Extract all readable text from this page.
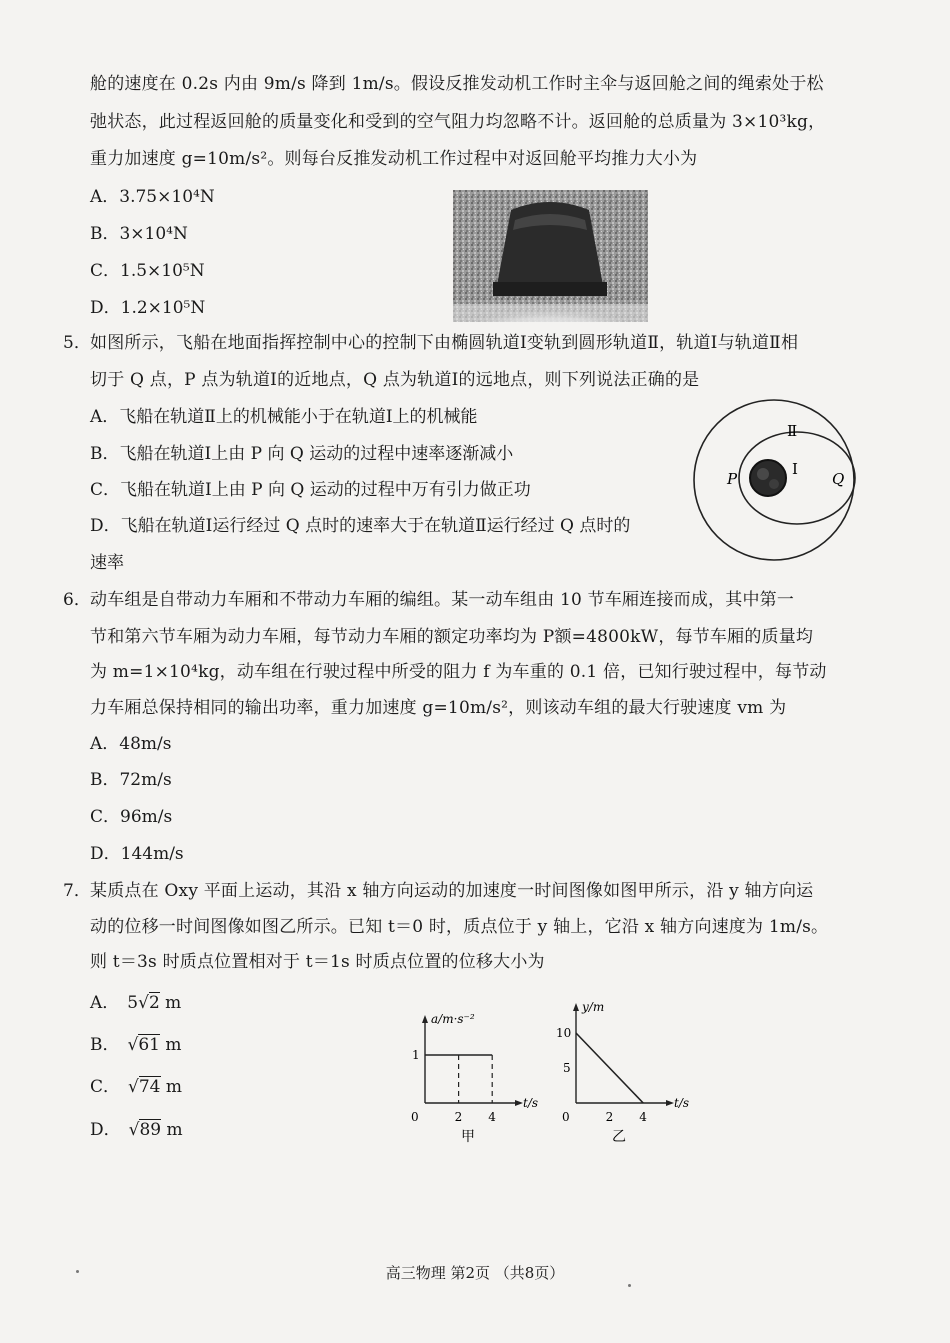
舱的速度在 0.2s 内由 9m/s 降到 1m/s。假设反推发动机工作时主伞与返回舱之间的绳索处于松
弛状态，此过程返回舱的质量变化和受到的空气阻力均忽略不计。返回舱的总质量为 3×10³kg，
重力加速度 g=10m/s²。则每台反推发动机工作过程中对返回舱平均推力大小为
A．3.75×10⁴N
B．3×10⁴N
C．1.5×10⁵N
D．1.2×10⁵N
5． 如图所示，飞船在地面指挥控制中心的控制下由椭圆轨道Ⅰ变轨到圆形轨道Ⅱ，轨道Ⅰ与轨道Ⅱ相
切于 Q 点，P 点为轨道Ⅰ的近地点，Q 点为轨道Ⅰ的远地点，则下列说法正确的是
A．飞船在轨道Ⅱ上的机械能小于在轨道Ⅰ上的机械能
B．飞船在轨道Ⅰ上由 P 向 Q 运动的过程中速率逐渐减小
C．飞船在轨道Ⅰ上由 P 向 Q 运动的过程中万有引力做正功
D．飞船在轨道Ⅰ运行经过 Q 点时的速率大于在轨道Ⅱ运行经过 Q 点时的
速率
Ⅱ
Ⅰ
P	Q
6． 动车组是自带动力车厢和不带动力车厢的编组。某一动车组由 10 节车厢连接而成，其中第一
节和第六节车厢为动力车厢，每节动力车厢的额定功率均为 P额=4800kW，每节车厢的质量均
为 m=1×10⁴kg，动车组在行驶过程中所受的阻力 f 为车重的 0.1 倍，已知行驶过程中，每节动
力车厢总保持相同的输出功率，重力加速度 g=10m/s²，则该动车组的最大行驶速度 vm 为
A．48m/s
B．72m/s
C．96m/s
D．144m/s
7． 某质点在 Oxy 平面上运动，其沿 x 轴方向运动的加速度一时间图像如图甲所示，沿 y 轴方向运
动的位移一时间图像如图乙所示。已知 t＝0 时，质点位于 y 轴上，它沿 x 轴方向速度为 1m/s。
则 t＝3s 时质点位置相对于 t＝1s 时质点位置的位移大小为
A． 5√2 m
B． √61 m
C． √74 m
D． √89 m
t/s
a/m·s⁻²
0	2 4
1
甲
t/s
y/m
0	2 4
5
10
乙
高三物理 第2页 （共8页）
